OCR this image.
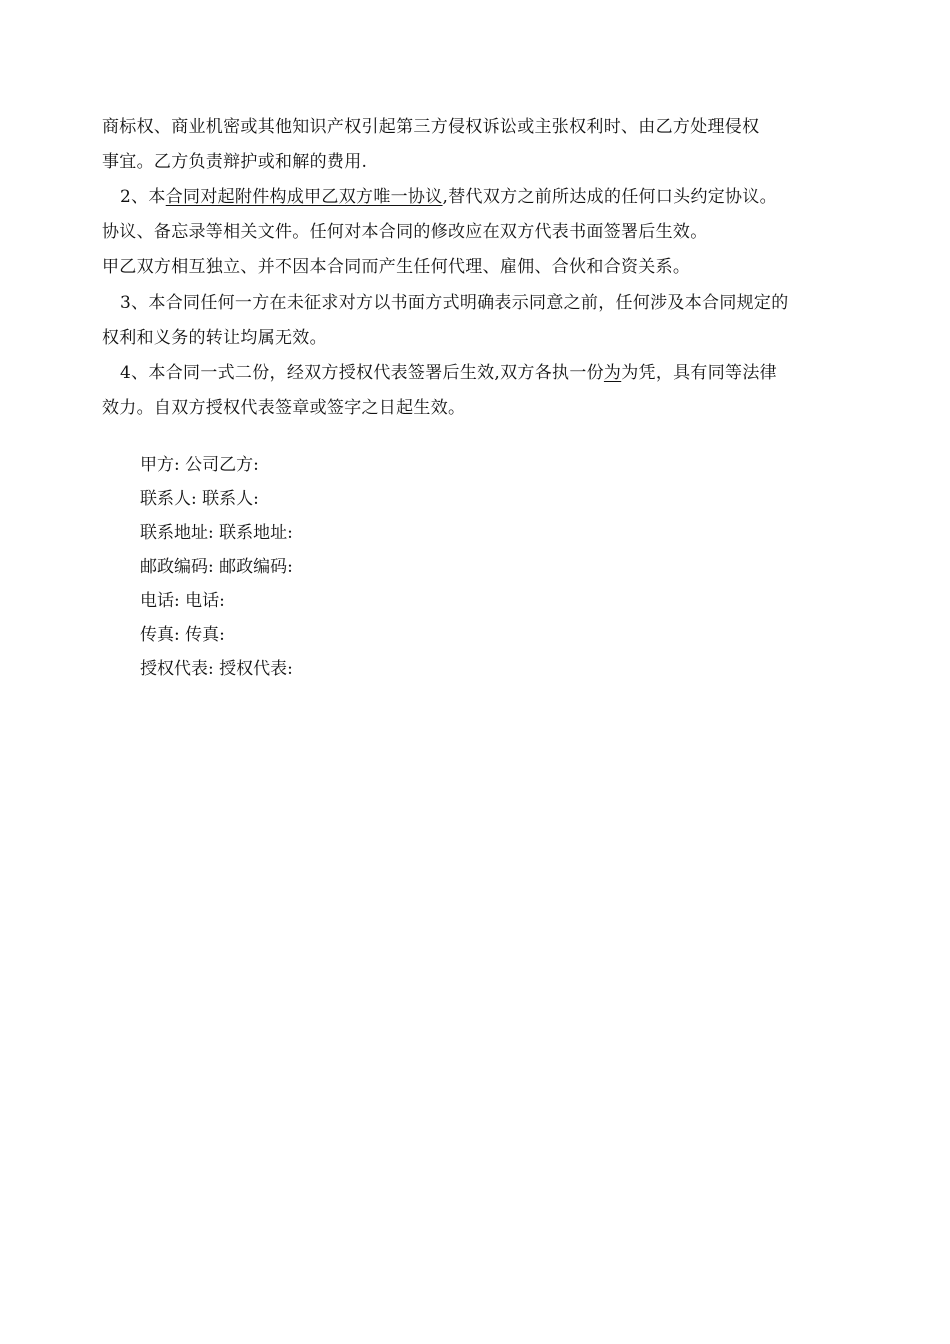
商标权、商业机密或其他知识产权引起第三方侵权诉讼或主张权利时、由乙方处理侵权
事宜。乙方负责辩护或和解的费用.
2、本合同对起附件构成甲乙双方唯一协议,替代双方之前所达成的任何口头约定协议。
协议、备忘录等相关文件。任何对本合同的修改应在双方代表书面签署后生效。
甲乙双方相互独立、并不因本合同而产生任何代理、雇佣、合伙和合资关系。
3、本合同任何一方在未征求对方以书面方式明确表示同意之前，任何涉及本合同规定的
权利和义务的转让均属无效。
4、本合同一式二份，经双方授权代表签署后生效,双方各执一份为为凭，具有同等法律
效力。自双方授权代表签章或签字之日起生效。
甲方: 公司乙方:
联系人: 联系人:
联系地址: 联系地址:
邮政编码: 邮政编码:
电话: 电话:
传真: 传真:
授权代表: 授权代表:
